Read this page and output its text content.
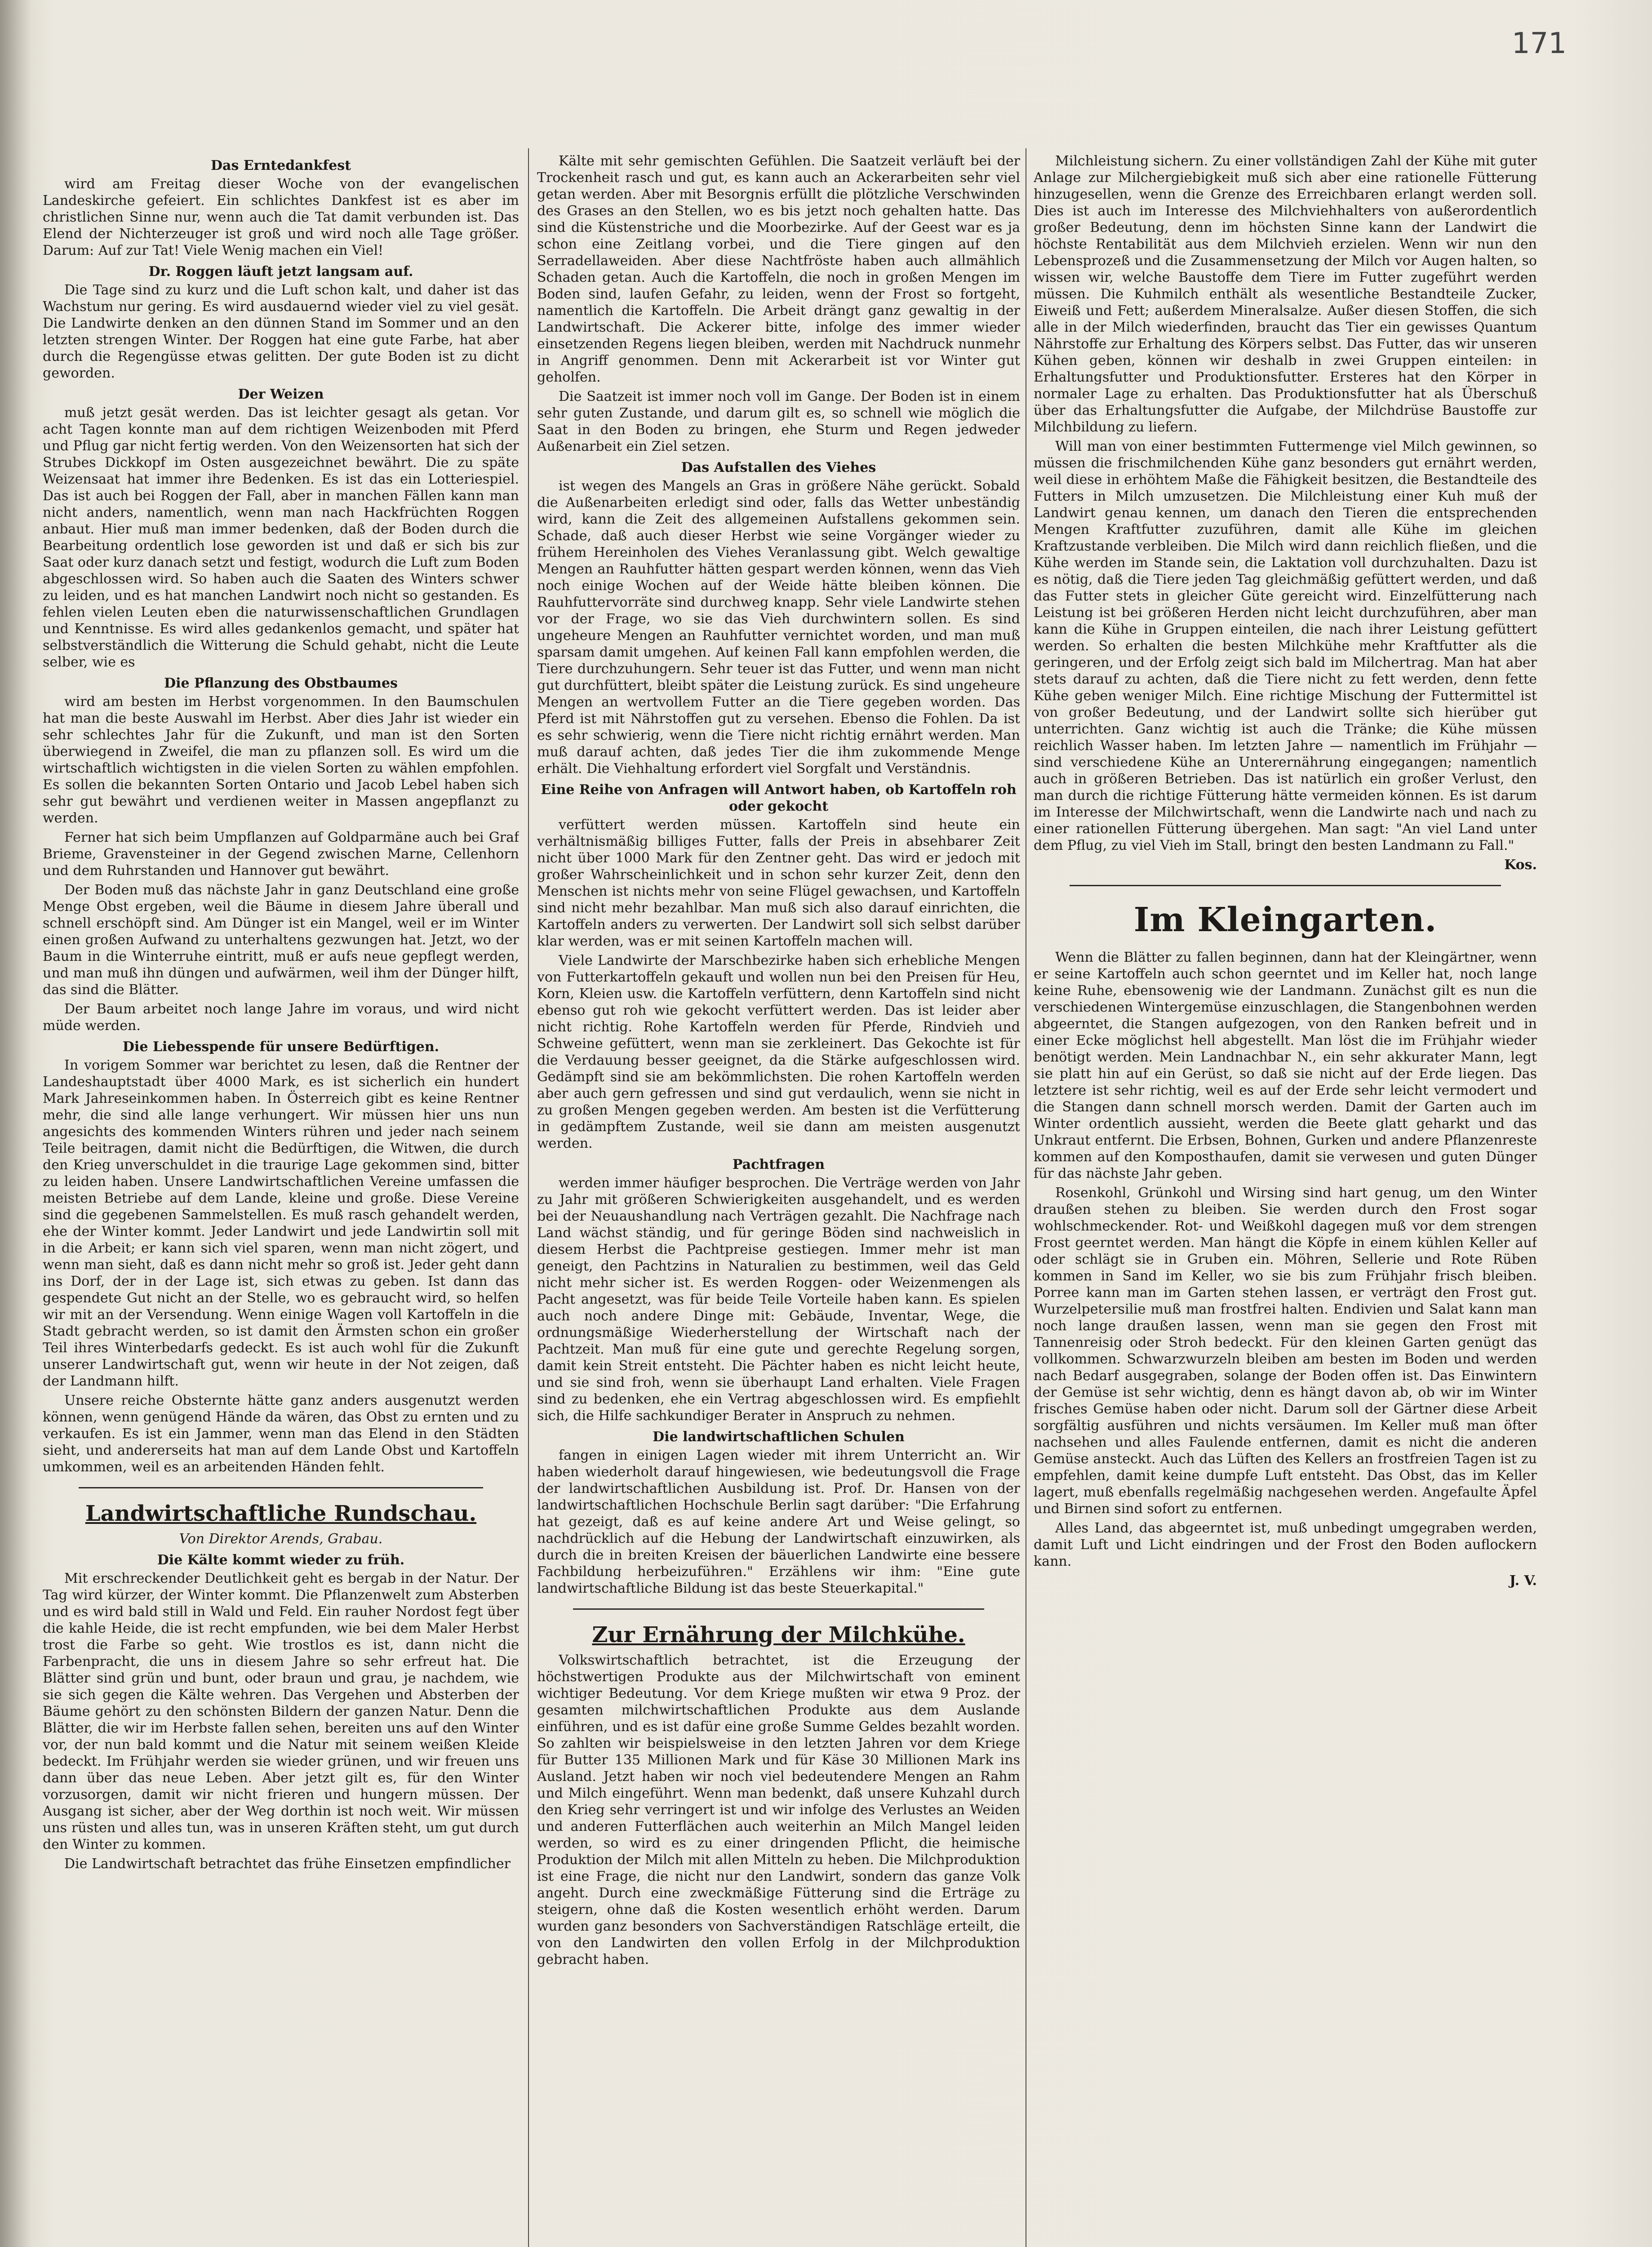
171
Das Erntedankfest

wird am Freitag dieser Woche von der evangelischen Landeskirche gefeiert. Ein schlichtes Dankfest ist es aber im christlichen Sinne nur, wenn auch die Tat damit verbunden ist. Das Elend der Nichterzeuger ist groß und wird noch alle Tage größer. Darum: Auf zur Tat! Viele Wenig machen ein Viel!

Dr. Roggen läuft jetzt langsam auf.

Die Tage sind zu kurz und die Luft schon kalt, und daher ist das Wachstum nur gering. Es wird ausdauernd wieder viel zu viel gesät. Die Landwirte denken an den dünnen Stand im Sommer und an den letzten strengen Winter. Der Roggen hat eine gute Farbe, hat aber durch die Regengüsse etwas gelitten. Der gute Boden ist zu dicht geworden.

Der Weizen

muß jetzt gesät werden. Das ist leichter gesagt als getan. Vor acht Tagen konnte man auf dem richtigen Weizenboden mit Pferd und Pflug gar nicht fertig werden. Von den Weizensorten hat sich der Strubes Dickkopf im Osten ausgezeichnet bewährt. Die zu späte Weizensaat hat immer ihre Bedenken. Es ist das ein Lotteriespiel. Das ist auch bei Roggen der Fall, aber in manchen Fällen kann man nicht anders, namentlich, wenn man nach Hackfrüchten Roggen anbaut. Hier muß man immer bedenken, daß der Boden durch die Bearbeitung ordentlich lose geworden ist und daß er sich bis zur Saat oder kurz danach setzt und festigt, wodurch die Luft zum Boden abgeschlossen wird. So haben auch die Saaten des Winters schwer zu leiden, und es hat manchen Landwirt noch nicht so gestanden. Es fehlen vielen Leuten eben die naturwissenschaftlichen Grundlagen und Kenntnisse. Es wird alles gedankenlos gemacht, und später hat selbstverständlich die Witterung die Schuld gehabt, nicht die Leute selber, wie es

Die Pflanzung des Obstbaumes

wird am besten im Herbst vorgenommen. In den Baumschulen hat man die beste Auswahl im Herbst. Aber dies Jahr ist wieder ein sehr schlechtes Jahr für die Zukunft, und man ist den Sorten überwiegend in Zweifel, die man zu pflanzen soll. Es wird um die wirtschaftlich wichtigsten in die vielen Sorten zu wählen empfohlen. Es sollen die bekannten Sorten Ontario und Jacob Lebel haben sich sehr gut bewährt und verdienen weiter in Massen angepflanzt zu werden.

Ferner hat sich beim Umpflanzen auf Goldparmäne auch bei Graf Brieme, Gravensteiner in der Gegend zwischen Marne, Cellenhorn und dem Ruhrstanden und Hannover gut bewährt.

Der Boden muß das nächste Jahr in ganz Deutschland eine große Menge Obst ergeben, weil die Bäume in diesem Jahre überall und schnell erschöpft sind. Am Dünger ist ein Mangel, weil er im Winter einen großen Aufwand zu unterhaltens gezwungen hat. Jetzt, wo der Baum in die Winterruhe eintritt, muß er aufs neue gepflegt werden, und man muß ihn düngen und aufwärmen, weil ihm der Dünger hilft, das sind die Blätter.

Der Baum arbeitet noch lange Jahre im voraus, und wird nicht müde werden.

Die Liebesspende für unsere Bedürftigen.

In vorigem Sommer war berichtet zu lesen, daß die Rentner der Landeshauptstadt über 4000 Mark, es ist sicherlich ein hundert Mark Jahreseinkommen haben. In Österreich gibt es keine Rentner mehr, die sind alle lange verhungert. Wir müssen hier uns nun angesichts des kommenden Winters rühren und jeder nach seinem Teile beitragen, damit nicht die Bedürftigen, die Witwen, die durch den Krieg unverschuldet in die traurige Lage gekommen sind, bitter zu leiden haben. Unsere Landwirtschaftlichen Vereine umfassen die meisten Betriebe auf dem Lande, kleine und große. Diese Vereine sind die gegebenen Sammelstellen. Es muß rasch gehandelt werden, ehe der Winter kommt. Jeder Landwirt und jede Landwirtin soll mit in die Arbeit; er kann sich viel sparen, wenn man nicht zögert, und wenn man sieht, daß es dann nicht mehr so groß ist. Jeder geht dann ins Dorf, der in der Lage ist, sich etwas zu geben. Ist dann das gespendete Gut nicht an der Stelle, wo es gebraucht wird, so helfen wir mit an der Versendung. Wenn einige Wagen voll Kartoffeln in die Stadt gebracht werden, so ist damit den Ärmsten schon ein großer Teil ihres Winterbedarfs gedeckt. Es ist auch wohl für die Zukunft unserer Landwirtschaft gut, wenn wir heute in der Not zeigen, daß der Landmann hilft.

Unsere reiche Obsternte hätte ganz anders ausgenutzt werden können, wenn genügend Hände da wären, das Obst zu ernten und zu verkaufen. Es ist ein Jammer, wenn man das Elend in den Städten sieht, und andererseits hat man auf dem Lande Obst und Kartoffeln umkommen, weil es an arbeitenden Händen fehlt.

Landwirtschaftliche Rundschau.
Von Direktor Arends, Grabau.
Die Kälte kommt wieder zu früh.

Mit erschreckender Deutlichkeit geht es bergab in der Natur. Der Tag wird kürzer, der Winter kommt. Die Pflanzenwelt zum Absterben und es wird bald still in Wald und Feld. Ein rauher Nordost fegt über die kahle Heide, die ist recht empfunden, wie bei dem Maler Herbst trost die Farbe so geht. Wie trostlos es ist, dann nicht die Farbenpracht, die uns in diesem Jahre so sehr erfreut hat. Die Blätter sind grün und bunt, oder braun und grau, je nachdem, wie sie sich gegen die Kälte wehren. Das Vergehen und Absterben der Bäume gehört zu den schönsten Bildern der ganzen Natur. Denn die Blätter, die wir im Herbste fallen sehen, bereiten uns auf den Winter vor, der nun bald kommt und die Natur mit seinem weißen Kleide bedeckt. Im Frühjahr werden sie wieder grünen, und wir freuen uns dann über das neue Leben. Aber jetzt gilt es, für den Winter vorzusorgen, damit wir nicht frieren und hungern müssen. Der Ausgang ist sicher, aber der Weg dorthin ist noch weit. Wir müssen uns rüsten und alles tun, was in unseren Kräften steht, um gut durch den Winter zu kommen.

Die Landwirtschaft betrachtet das frühe Einsetzen empfindlicher

Kälte mit sehr gemischten Gefühlen. Die Saatzeit verläuft bei der Trockenheit rasch und gut, es kann auch an Ackerarbeiten sehr viel getan werden. Aber mit Besorgnis erfüllt die plötzliche Verschwinden des Grases an den Stellen, wo es bis jetzt noch gehalten hatte. Das sind die Küstenstriche und die Moorbezirke. Auf der Geest war es ja schon eine Zeitlang vorbei, und die Tiere gingen auf den Serradellaweiden. Aber diese Nachtfröste haben auch allmählich Schaden getan. Auch die Kartoffeln, die noch in großen Mengen im Boden sind, laufen Gefahr, zu leiden, wenn der Frost so fortgeht, namentlich die Kartoffeln. Die Arbeit drängt ganz gewaltig in der Landwirtschaft. Die Ackerer bitte, infolge des immer wieder einsetzenden Regens liegen bleiben, werden mit Nachdruck nunmehr in Angriff genommen. Denn mit Ackerarbeit ist vor Winter gut geholfen.

Die Saatzeit ist immer noch voll im Gange. Der Boden ist in einem sehr guten Zustande, und darum gilt es, so schnell wie möglich die Saat in den Boden zu bringen, ehe Sturm und Regen jedweder Außenarbeit ein Ziel setzen.

Das Aufstallen des Viehes

ist wegen des Mangels an Gras in größere Nähe gerückt. Sobald die Außenarbeiten erledigt sind oder, falls das Wetter unbeständig wird, kann die Zeit des allgemeinen Aufstallens gekommen sein. Schade, daß auch dieser Herbst wie seine Vorgänger wieder zu frühem Hereinholen des Viehes Veranlassung gibt. Welch gewaltige Mengen an Rauhfutter hätten gespart werden können, wenn das Vieh noch einige Wochen auf der Weide hätte bleiben können. Die Rauhfuttervorräte sind durchweg knapp. Sehr viele Landwirte stehen vor der Frage, wo sie das Vieh durchwintern sollen. Es sind ungeheure Mengen an Rauhfutter vernichtet worden, und man muß sparsam damit umgehen. Auf keinen Fall kann empfohlen werden, die Tiere durchzuhungern. Sehr teuer ist das Futter, und wenn man nicht gut durchfüttert, bleibt später die Leistung zurück. Es sind ungeheure Mengen an wertvollem Futter an die Tiere gegeben worden. Das Pferd ist mit Nährstoffen gut zu versehen. Ebenso die Fohlen. Da ist es sehr schwierig, wenn die Tiere nicht richtig ernährt werden. Man muß darauf achten, daß jedes Tier die ihm zukommende Menge erhält. Die Viehhaltung erfordert viel Sorgfalt und Verständnis.

Eine Reihe von Anfragen will Antwort haben, ob Kartoffeln roh oder gekocht

verfüttert werden müssen. Kartoffeln sind heute ein verhältnismäßig billiges Futter, falls der Preis in absehbarer Zeit nicht über 1000 Mark für den Zentner geht. Das wird er jedoch mit großer Wahrscheinlichkeit und in schon sehr kurzer Zeit, denn den Menschen ist nichts mehr von seine Flügel gewachsen, und Kartoffeln sind nicht mehr bezahlbar. Man muß sich also darauf einrichten, die Kartoffeln anders zu verwerten. Der Landwirt soll sich selbst darüber klar werden, was er mit seinen Kartoffeln machen will.

Viele Landwirte der Marschbezirke haben sich erhebliche Mengen von Futterkartoffeln gekauft und wollen nun bei den Preisen für Heu, Korn, Kleien usw. die Kartoffeln verfüttern, denn Kartoffeln sind nicht ebenso gut roh wie gekocht verfüttert werden. Das ist leider aber nicht richtig. Rohe Kartoffeln werden für Pferde, Rindvieh und Schweine gefüttert, wenn man sie zerkleinert. Das Gekochte ist für die Verdauung besser geeignet, da die Stärke aufgeschlossen wird. Gedämpft sind sie am bekömmlichsten. Die rohen Kartoffeln werden aber auch gern gefressen und sind gut verdaulich, wenn sie nicht in zu großen Mengen gegeben werden. Am besten ist die Verfütterung in gedämpftem Zustande, weil sie dann am meisten ausgenutzt werden.

Pachtfragen

werden immer häufiger besprochen. Die Verträge werden von Jahr zu Jahr mit größeren Schwierigkeiten ausgehandelt, und es werden bei der Neuaushandlung nach Verträgen gezahlt. Die Nachfrage nach Land wächst ständig, und für geringe Böden sind nachweislich in diesem Herbst die Pachtpreise gestiegen. Immer mehr ist man geneigt, den Pachtzins in Naturalien zu bestimmen, weil das Geld nicht mehr sicher ist. Es werden Roggen- oder Weizenmengen als Pacht angesetzt, was für beide Teile Vorteile haben kann. Es spielen auch noch andere Dinge mit: Gebäude, Inventar, Wege, die ordnungsmäßige Wiederherstellung der Wirtschaft nach der Pachtzeit. Man muß für eine gute und gerechte Regelung sorgen, damit kein Streit entsteht. Die Pächter haben es nicht leicht heute, und sie sind froh, wenn sie überhaupt Land erhalten. Viele Fragen sind zu bedenken, ehe ein Vertrag abgeschlossen wird. Es empfiehlt sich, die Hilfe sachkundiger Berater in Anspruch zu nehmen.

Die landwirtschaftlichen Schulen

fangen in einigen Lagen wieder mit ihrem Unterricht an. Wir haben wiederholt darauf hingewiesen, wie bedeutungsvoll die Frage der landwirtschaftlichen Ausbildung ist. Prof. Dr. Hansen von der landwirtschaftlichen Hochschule Berlin sagt darüber: "Die Erfahrung hat gezeigt, daß es auf keine andere Art und Weise gelingt, so nachdrücklich auf die Hebung der Landwirtschaft einzuwirken, als durch die in breiten Kreisen der bäuerlichen Landwirte eine bessere Fachbildung herbeizuführen." Erzählens wir ihm: "Eine gute landwirtschaftliche Bildung ist das beste Steuerkapital."

Zur Ernährung der Milchkühe.

Volkswirtschaftlich betrachtet, ist die Erzeugung der höchstwertigen Produkte aus der Milchwirtschaft von eminent wichtiger Bedeutung. Vor dem Kriege mußten wir etwa 9 Proz. der gesamten milchwirtschaftlichen Produkte aus dem Auslande einführen, und es ist dafür eine große Summe Geldes bezahlt worden. So zahlten wir beispielsweise in den letzten Jahren vor dem Kriege für Butter 135 Millionen Mark und für Käse 30 Millionen Mark ins Ausland. Jetzt haben wir noch viel bedeutendere Mengen an Rahm und Milch eingeführt. Wenn man bedenkt, daß unsere Kuhzahl durch den Krieg sehr verringert ist und wir infolge des Verlustes an Weiden und anderen Futterflächen auch weiterhin an Milch Mangel leiden werden, so wird es zu einer dringenden Pflicht, die heimische Produktion der Milch mit allen Mitteln zu heben. Die Milchproduktion ist eine Frage, die nicht nur den Landwirt, sondern das ganze Volk angeht. Durch eine zweckmäßige Fütterung sind die Erträge zu steigern, ohne daß die Kosten wesentlich erhöht werden. Darum wurden ganz besonders von Sachverständigen Ratschläge erteilt, die von den Landwirten den vollen Erfolg in der Milchproduktion gebracht haben.

Milchleistung sichern. Zu einer vollständigen Zahl der Kühe mit guter Anlage zur Milchergiebigkeit muß sich aber eine rationelle Fütterung hinzugesellen, wenn die Grenze des Erreichbaren erlangt werden soll. Dies ist auch im Interesse des Milchviehhalters von außerordentlich großer Bedeutung, denn im höchsten Sinne kann der Landwirt die höchste Rentabilität aus dem Milchvieh erzielen. Wenn wir nun den Lebensprozeß und die Zusammensetzung der Milch vor Augen halten, so wissen wir, welche Baustoffe dem Tiere im Futter zugeführt werden müssen. Die Kuhmilch enthält als wesentliche Bestandteile Zucker, Eiweiß und Fett; außerdem Mineralsalze. Außer diesen Stoffen, die sich alle in der Milch wiederfinden, braucht das Tier ein gewisses Quantum Nährstoffe zur Erhaltung des Körpers selbst. Das Futter, das wir unseren Kühen geben, können wir deshalb in zwei Gruppen einteilen: in Erhaltungsfutter und Produktionsfutter. Ersteres hat den Körper in normaler Lage zu erhalten. Das Produktionsfutter hat als Überschuß über das Erhaltungsfutter die Aufgabe, der Milchdrüse Baustoffe zur Milchbildung zu liefern.

Will man von einer bestimmten Futtermenge viel Milch gewinnen, so müssen die frischmilchenden Kühe ganz besonders gut ernährt werden, weil diese in erhöhtem Maße die Fähigkeit besitzen, die Bestandteile des Futters in Milch umzusetzen. Die Milchleistung einer Kuh muß der Landwirt genau kennen, um danach den Tieren die entsprechenden Mengen Kraftfutter zuzuführen, damit alle Kühe im gleichen Kraftzustande verbleiben. Die Milch wird dann reichlich fließen, und die Kühe werden im Stande sein, die Laktation voll durchzuhalten. Dazu ist es nötig, daß die Tiere jeden Tag gleichmäßig gefüttert werden, und daß das Futter stets in gleicher Güte gereicht wird. Einzelfütterung nach Leistung ist bei größeren Herden nicht leicht durchzuführen, aber man kann die Kühe in Gruppen einteilen, die nach ihrer Leistung gefüttert werden. So erhalten die besten Milchkühe mehr Kraftfutter als die geringeren, und der Erfolg zeigt sich bald im Milchertrag. Man hat aber stets darauf zu achten, daß die Tiere nicht zu fett werden, denn fette Kühe geben weniger Milch. Eine richtige Mischung der Futtermittel ist von großer Bedeutung, und der Landwirt sollte sich hierüber gut unterrichten. Ganz wichtig ist auch die Tränke; die Kühe müssen reichlich Wasser haben. Im letzten Jahre — namentlich im Frühjahr — sind verschiedene Kühe an Unterernährung eingegangen; namentlich auch in größeren Betrieben. Das ist natürlich ein großer Verlust, den man durch die richtige Fütterung hätte vermeiden können. Es ist darum im Interesse der Milchwirtschaft, wenn die Landwirte nach und nach zu einer rationellen Fütterung übergehen. Man sagt: "An viel Land unter dem Pflug, zu viel Vieh im Stall, bringt den besten Landmann zu Fall."

Kos.
Im Kleingarten.

Wenn die Blätter zu fallen beginnen, dann hat der Kleingärtner, wenn er seine Kartoffeln auch schon geerntet und im Keller hat, noch lange keine Ruhe, ebensowenig wie der Landmann. Zunächst gilt es nun die verschiedenen Wintergemüse einzuschlagen, die Stangenbohnen werden abgeerntet, die Stangen aufgezogen, von den Ranken befreit und in einer Ecke möglichst hell abgestellt. Man löst die im Frühjahr wieder benötigt werden. Mein Landnachbar N., ein sehr akkurater Mann, legt sie platt hin auf ein Gerüst, so daß sie nicht auf der Erde liegen. Das letztere ist sehr richtig, weil es auf der Erde sehr leicht vermodert und die Stangen dann schnell morsch werden. Damit der Garten auch im Winter ordentlich aussieht, werden die Beete glatt geharkt und das Unkraut entfernt. Die Erbsen, Bohnen, Gurken und andere Pflanzenreste kommen auf den Komposthaufen, damit sie verwesen und guten Dünger für das nächste Jahr geben.

Rosenkohl, Grünkohl und Wirsing sind hart genug, um den Winter draußen stehen zu bleiben. Sie werden durch den Frost sogar wohlschmeckender. Rot- und Weißkohl dagegen muß vor dem strengen Frost geerntet werden. Man hängt die Köpfe in einem kühlen Keller auf oder schlägt sie in Gruben ein. Möhren, Sellerie und Rote Rüben kommen in Sand im Keller, wo sie bis zum Frühjahr frisch bleiben. Porree kann man im Garten stehen lassen, er verträgt den Frost gut. Wurzelpetersilie muß man frostfrei halten. Endivien und Salat kann man noch lange draußen lassen, wenn man sie gegen den Frost mit Tannenreisig oder Stroh bedeckt. Für den kleinen Garten genügt das vollkommen. Schwarzwurzeln bleiben am besten im Boden und werden nach Bedarf ausgegraben, solange der Boden offen ist. Das Einwintern der Gemüse ist sehr wichtig, denn es hängt davon ab, ob wir im Winter frisches Gemüse haben oder nicht. Darum soll der Gärtner diese Arbeit sorgfältig ausführen und nichts versäumen. Im Keller muß man öfter nachsehen und alles Faulende entfernen, damit es nicht die anderen Gemüse ansteckt. Auch das Lüften des Kellers an frostfreien Tagen ist zu empfehlen, damit keine dumpfe Luft entsteht. Das Obst, das im Keller lagert, muß ebenfalls regelmäßig nachgesehen werden. Angefaulte Äpfel und Birnen sind sofort zu entfernen.

Alles Land, das abgeerntet ist, muß unbedingt umgegraben werden, damit Luft und Licht eindringen und der Frost den Boden auflockern kann.

J. V.
